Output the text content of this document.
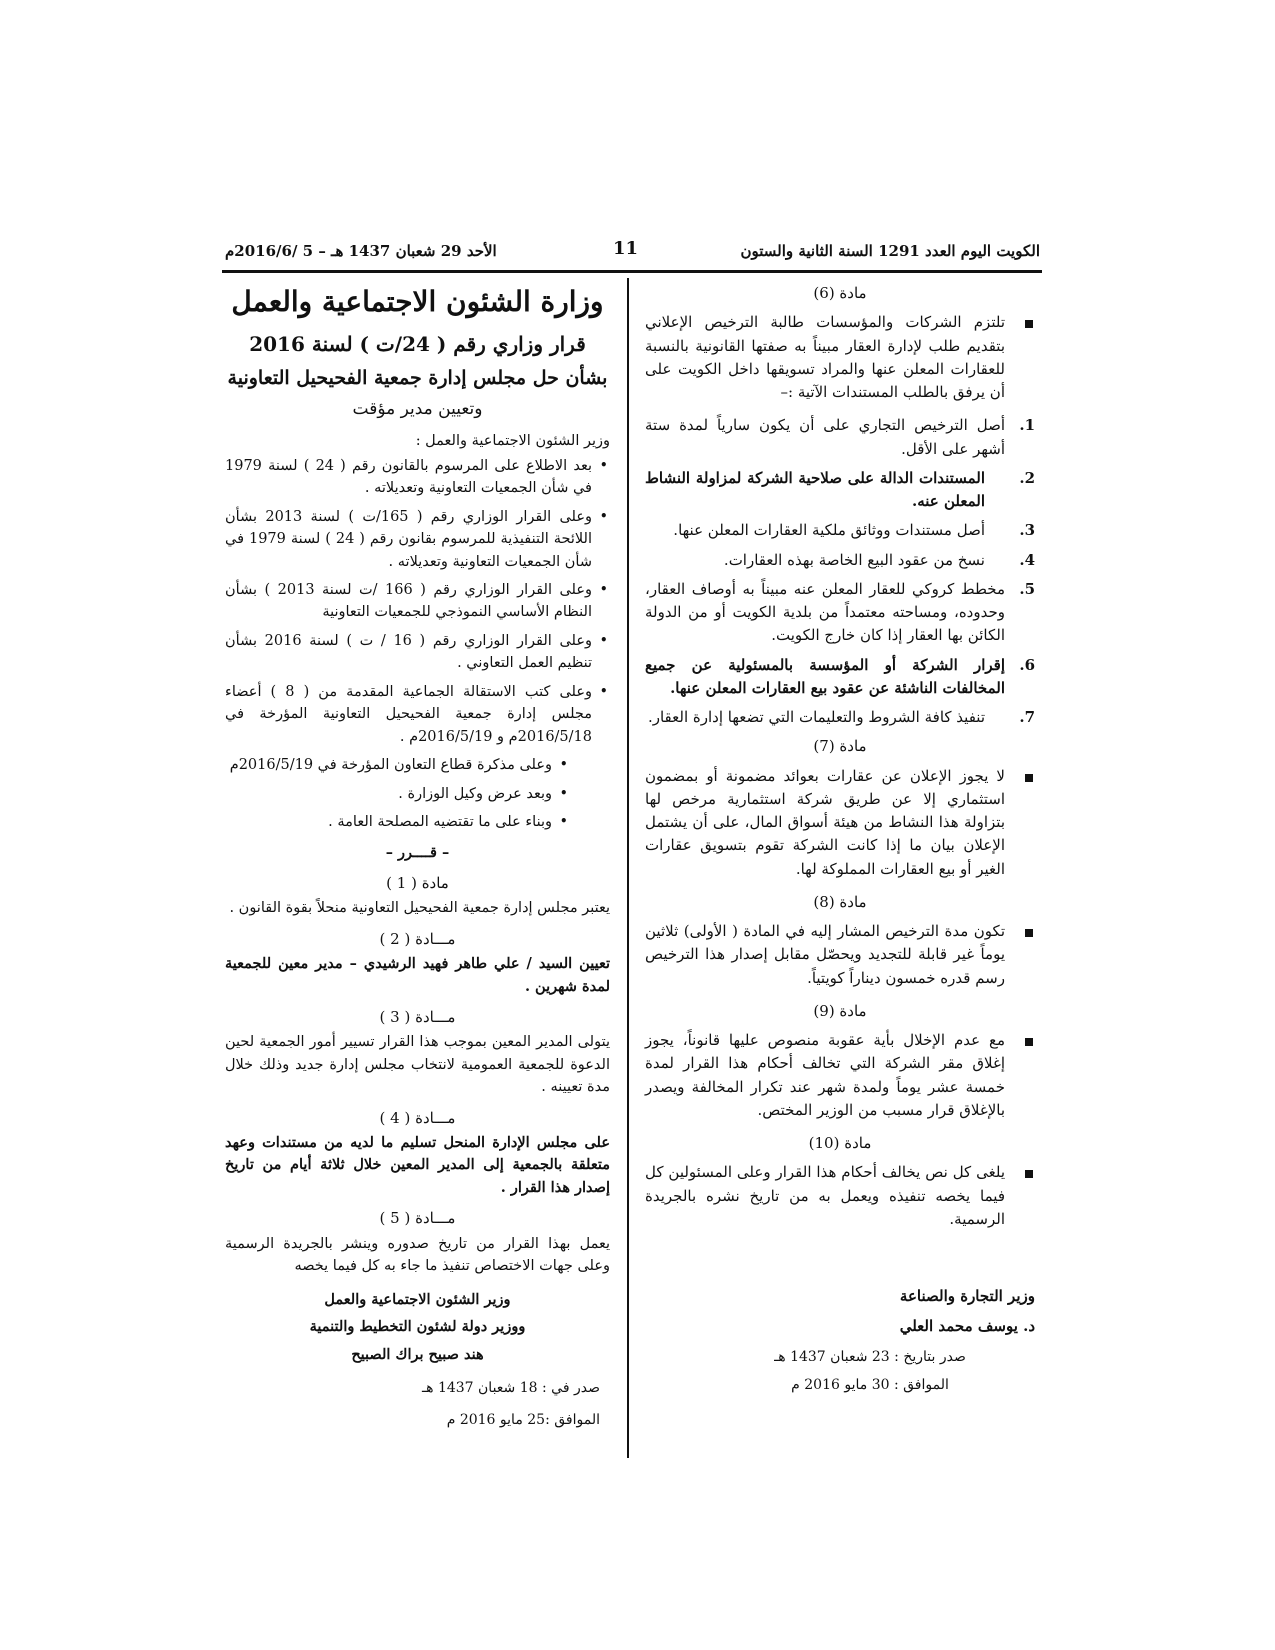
الكويت اليوم العدد 1291 السنة الثانية والستون
11
الأحد 29 شعبان 1437 هـ – 5 /2016/6م
مادة (6)
تلتزم الشركات والمؤسسات طالبة الترخيص الإعلاني بتقديم طلب لإدارة العقار مبيناً به صفتها القانونية بالنسبة للعقارات المعلن عنها والمراد تسويقها داخل الكويت على أن يرفق بالطلب المستندات الآتية :–
1.
أصل الترخيص التجاري على أن يكون سارياً لمدة ستة أشهر على الأقل.
2.
المستندات الدالة على صلاحية الشركة لمزاولة النشاط المعلن عنه.
3.
أصل مستندات ووثائق ملكية العقارات المعلن عنها.
4.
نسخ من عقود البيع الخاصة بهذه العقارات.
5.
مخطط كروكي للعقار المعلن عنه مبيناً به أوصاف العقار، وحدوده، ومساحته معتمداً من بلدية الكويت أو من الدولة الكائن بها العقار إذا كان خارج الكويت.
6.
إقرار الشركة أو المؤسسة بالمسئولية عن جميع المخالفات الناشئة عن عقود بيع العقارات المعلن عنها.
7.
تنفيذ كافة الشروط والتعليمات التي تضعها إدارة العقار.
مادة (7)
لا يجوز الإعلان عن عقارات بعوائد مضمونة أو بمضمون استثماري إلا عن طريق شركة استثمارية مرخص لها بتزاولة هذا النشاط من هيئة أسواق المال، على أن يشتمل الإعلان بيان ما إذا كانت الشركة تقوم بتسويق عقارات الغير أو بيع العقارات المملوكة لها.
مادة (8)
تكون مدة الترخيص المشار إليه في المادة ( الأولى) ثلاثين يوماً غير قابلة للتجديد ويحصّل مقابل إصدار هذا الترخيص رسم قدره خمسون ديناراً كويتياً.
مادة (9)
مع عدم الإخلال بأية عقوبة منصوص عليها قانوناً، يجوز إغلاق مقر الشركة التي تخالف أحكام هذا القرار لمدة خمسة عشر يوماً ولمدة شهر عند تكرار المخالفة ويصدر بالإغلاق قرار مسبب من الوزير المختص.
مادة (10)
يلغى كل نص يخالف أحكام هذا القرار وعلى المسئولين كل فيما يخصه تنفيذه ويعمل به من تاريخ نشره بالجريدة الرسمية.
وزير التجارة والصناعة
د. يوسف محمد العلي
صدر بتاريخ : 23 شعبان 1437 هـ
الموافق : 30 مايو 2016 م
وزارة الشئون الاجتماعية والعمل
قرار وزاري رقم ( 24/ت ) لسنة 2016
بشأن حل مجلس إدارة جمعية الفحيحيل التعاونية
وتعيين مدير مؤقت
وزير الشئون الاجتماعية والعمل :
•
بعد الاطلاع على المرسوم بالقانون رقم ( 24 ) لسنة 1979 في شأن الجمعيات التعاونية وتعديلاته .
•
وعلى القرار الوزاري رقم ( 165/ت ) لسنة 2013 بشأن اللائحة التنفيذية للمرسوم بقانون رقم ( 24 ) لسنة 1979 في شأن الجمعيات التعاونية وتعديلاته .
•
وعلى القرار الوزاري رقم ( 166 /ت لسنة 2013 ) بشأن النظام الأساسي النموذجي للجمعيات التعاونية
•
وعلى القرار الوزاري رقم ( 16 / ت ) لسنة 2016 بشأن تنظيم العمل التعاوني .
•
وعلى كتب الاستقالة الجماعية المقدمة من ( 8 ) أعضاء مجلس إدارة جمعية الفحيحيل التعاونية المؤرخة في 2016/5/18م و 2016/5/19م .
•
وعلى مذكرة قطاع التعاون المؤرخة في 2016/5/19م
•
وبعد عرض وكيل الوزارة .
•
وبناء على ما تقتضيه المصلحة العامة .
– قــــرر –
مادة ( 1 )
يعتبر مجلس إدارة جمعية الفحيحيل التعاونية منحلاً بقوة القانون .
مـــادة ( 2 )
تعيين السيد / علي طاهر فهيد الرشيدي – مدير معين للجمعية لمدة شهرين .
مـــادة ( 3 )
يتولى المدير المعين بموجب هذا القرار تسيير أمور الجمعية لحين الدعوة للجمعية العمومية لانتخاب مجلس إدارة جديد وذلك خلال مدة تعيينه .
مـــادة ( 4 )
على مجلس الإدارة المنحل تسليم ما لديه من مستندات وعهد متعلقة بالجمعية إلى المدير المعين خلال ثلاثة أيام من تاريخ إصدار هذا القرار .
مـــادة ( 5 )
يعمل بهذا القرار من تاريخ صدوره وينشر بالجريدة الرسمية وعلى جهات الاختصاص تنفيذ ما جاء به كل فيما يخصه
وزير الشئون الاجتماعية والعمل
ووزير دولة لشئون التخطيط والتنمية
هند صبيح براك الصبيح
صدر في : 18 شعبان 1437 هـ
الموافق :25 مايو 2016 م
